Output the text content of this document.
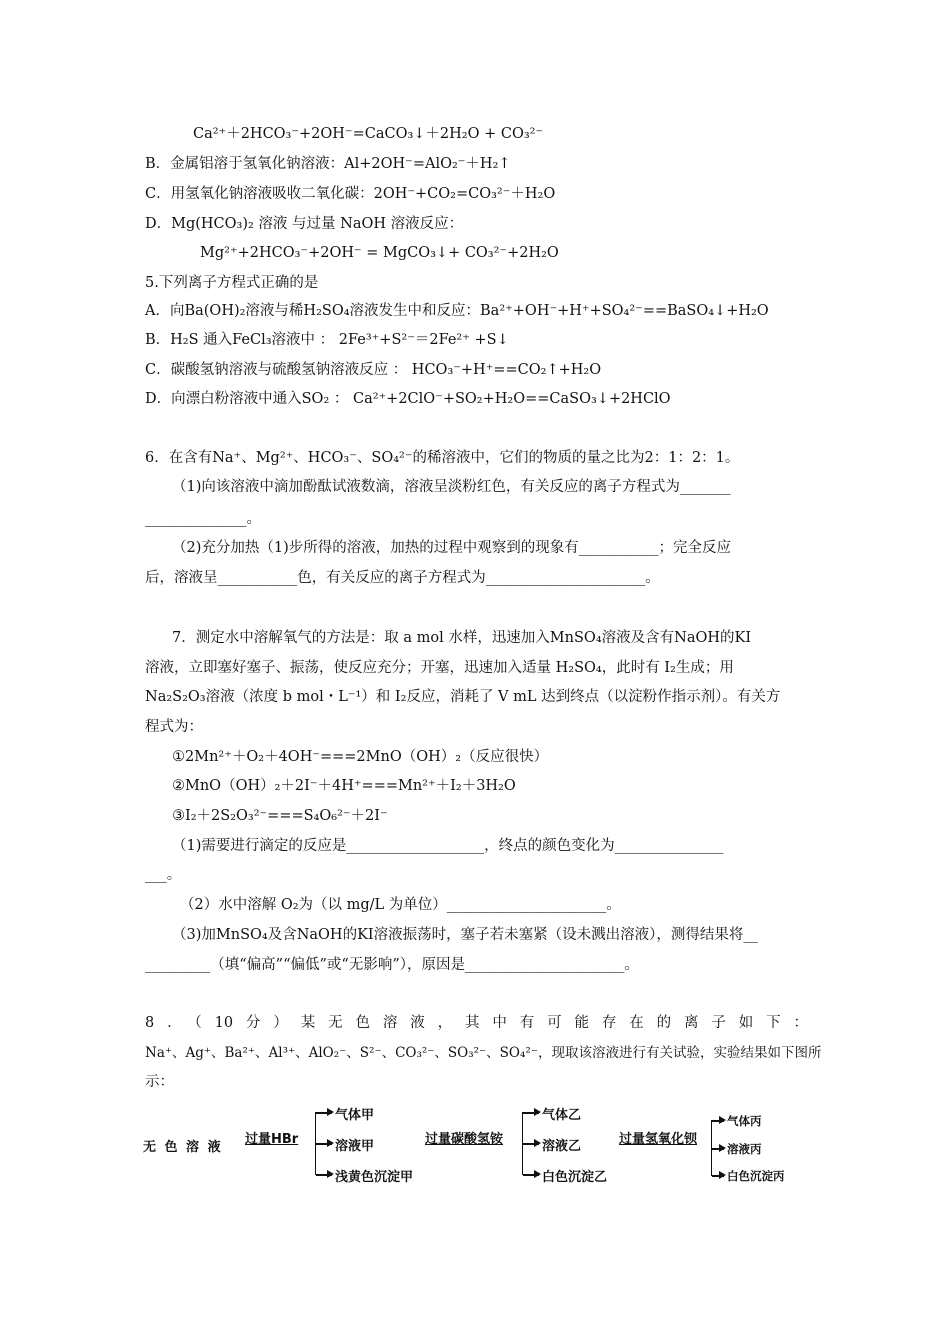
Ca²⁺＋2HCO₃⁻+2OH⁻=CaCO₃↓＋2H₂O + CO₃²⁻
B．金属铝溶于氢氧化钠溶液：Al+2OH⁻=AlO₂⁻＋H₂↑
C．用氢氧化钠溶液吸收二氧化碳：2OH⁻+CO₂=CO₃²⁻＋H₂O
D．Mg(HCO₃)₂ 溶液 与过量 NaOH 溶液反应：
Mg²⁺+2HCO₃⁻+2OH⁻ = MgCO₃↓+ CO₃²⁻+2H₂O
5.下列离子方程式正确的是
A．向Ba(OH)₂溶液与稀H₂SO₄溶液发生中和反应：Ba²⁺+OH⁻+H⁺+SO₄²⁻==BaSO₄↓+H₂O
B．H₂S 通入FeCl₃溶液中 ： 2Fe³⁺+S²⁻＝2Fe²⁺ +S↓
C．碳酸氢钠溶液与硫酸氢钠溶液反应 ： HCO₃⁻+H⁺==CO₂↑+H₂O
D．向漂白粉溶液中通入SO₂ ： Ca²⁺+2ClO⁻+SO₂+H₂O==CaSO₃↓+2HClO
6．在含有Na⁺、Mg²⁺、HCO₃⁻、SO₄²⁻的稀溶液中，它们的物质的量之比为2：1：2：1。
（1)向该溶液中滴加酚酞试液数滴，溶液呈淡粉红色，有关反应的离子方程式为_______
______________。
（2)充分加热（1)步所得的溶液，加热的过程中观察到的现象有___________；完全反应
后，溶液呈___________色，有关反应的离子方程式为______________________。
7．测定水中溶解氧气的方法是：取 a mol 水样，迅速加入MnSO₄溶液及含有NaOH的KI
溶液，立即塞好塞子、振荡，使反应充分；开塞，迅速加入适量 H₂SO₄，此时有 I₂生成；用
Na₂S₂O₃溶液（浓度 b mol・L⁻¹）和 I₂反应，消耗了 V mL 达到终点（以淀粉作指示剂）。有关方
程式为：
①2Mn²⁺＋O₂＋4OH⁻===2MnO（OH）₂（反应很快）
②MnO（OH）₂＋2I⁻＋4H⁺===Mn²⁺＋I₂＋3H₂O
③I₂＋2S₂O₃²⁻===S₄O₆²⁻＋2I⁻
（1)需要进行滴定的反应是___________________，终点的颜色变化为_______________
___。
（2）水中溶解 O₂为（以 mg/L 为单位）______________________。
（3)加MnSO₄及含NaOH的KI溶液振荡时，塞子若未塞紧（设未溅出溶液），测得结果将__
_________（填“偏高”“偏低”或“无影响”），原因是______________________。
8．（10分）某无色溶液，其中有可能存在的离子如下：
Na⁺、Ag⁺、Ba²⁺、Al³⁺、AlO₂⁻、S²⁻、CO₃²⁻、SO₃²⁻、SO₄²⁻，现取该溶液进行有关试验，实验结果如下图所
示：
无 色 溶 液
过量HBr
气体甲
溶液甲
浅黄色沉淀甲
过量碳酸氢铵
气体乙
溶液乙
白色沉淀乙
过量氢氧化钡
气体丙
溶液丙
白色沉淀丙
